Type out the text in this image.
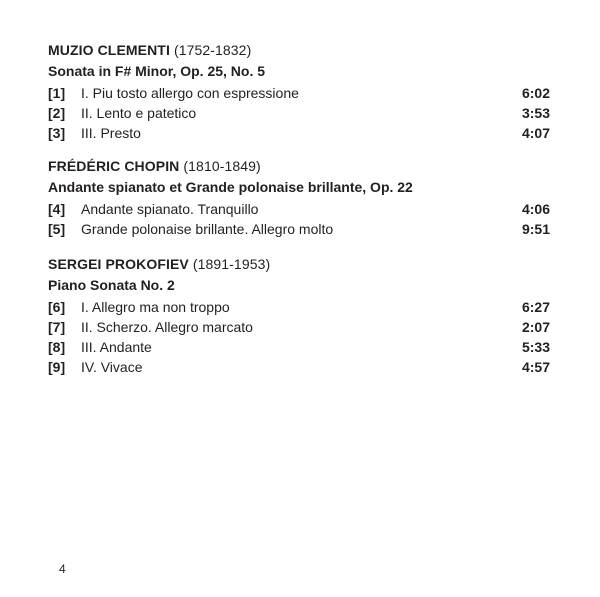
MUZIO CLEMENTI (1752-1832)
Sonata in F# Minor, Op. 25, No. 5
[1] I. Piu tosto allergo con espressione	6:02
[2] II. Lento e patetico	3:53
[3] III. Presto	4:07
FRÉDÉRIC CHOPIN (1810-1849)
Andante spianato et Grande polonaise brillante, Op. 22
[4] Andante spianato. Tranquillo	4:06
[5] Grande polonaise brillante. Allegro molto	9:51
SERGEI PROKOFIEV (1891-1953)
Piano Sonata No. 2
[6] I. Allegro ma non troppo	6:27
[7] II. Scherzo. Allegro marcato	2:07
[8] III. Andante	5:33
[9] IV. Vivace	4:57
4
